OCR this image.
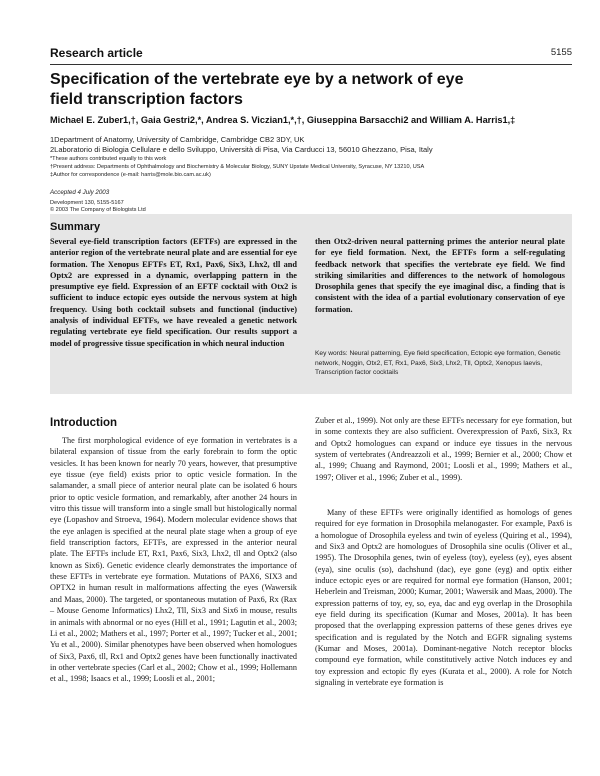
Research article	5155
Specification of the vertebrate eye by a network of eye field transcription factors
Michael E. Zuber1,†, Gaia Gestri2,*, Andrea S. Viczian1,*,†, Giuseppina Barsacchi2 and William A. Harris1,‡
1Department of Anatomy, University of Cambridge, Cambridge CB2 3DY, UK
2Laboratorio di Biologia Cellulare e dello Sviluppo, Università di Pisa, Via Carducci 13, 56010 Ghezzano, Pisa, Italy
*These authors contributed equally to this work
†Present address: Departments of Ophthalmology and Biochemistry & Molecular Biology, SUNY Upstate Medical University, Syracuse, NY 13210, USA
‡Author for correspondence (e-mail: harris@mole.bio.cam.ac.uk)
Accepted 4 July 2003
Development 130, 5155-5167
© 2003 The Company of Biologists Ltd
Summary

Several eye-field transcription factors (EFTFs) are expressed in the anterior region of the vertebrate neural plate and are essential for eye formation. The Xenopus EFTFs ET, Rx1, Pax6, Six3, Lhx2, tll and Optx2 are expressed in a dynamic, overlapping pattern in the presumptive eye field. Expression of an EFTF cocktail with Otx2 is sufficient to induce ectopic eyes outside the nervous system at high frequency. Using both cocktail subsets and functional (inductive) analysis of individual EFTFs, we have revealed a genetic network regulating vertebrate eye field specification. Our results support a model of progressive tissue specification in which neural induction

then Otx2-driven neural patterning primes the anterior neural plate for eye field formation. Next, the EFTFs form a self-regulating feedback network that specifies the vertebrate eye field. We find striking similarities and differences to the network of homologous Drosophila genes that specify the eye imaginal disc, a finding that is consistent with the idea of a partial evolutionary conservation of eye formation.

Key words: Neural patterning, Eye field specification, Ectopic eye formation, Genetic network, Noggin, Otx2, ET, Rx1, Pax6, Six3, Lhx2, Tll, Optx2, Xenopus laevis, Transcription factor cocktails

Introduction

The first morphological evidence of eye formation in vertebrates is a bilateral expansion of tissue from the early forebrain to form the optic vesicles. It has been known for nearly 70 years, however, that presumptive eye tissue (eye field) exists prior to optic vesicle formation. In the salamander, a small piece of anterior neural plate can be isolated 6 hours prior to optic vesicle formation, and remarkably, after another 24 hours in vitro this tissue will transform into a single small but histologically normal eye (Lopashov and Stroeva, 1964). Modern molecular evidence shows that the eye anlagen is specified at the neural plate stage when a group of eye field transcription factors, EFTFs, are expressed in the anterior neural plate. The EFTFs include ET, Rx1, Pax6, Six3, Lhx2, tll and Optx2 (also known as Six6). Genetic evidence clearly demonstrates the importance of these EFTFs in vertebrate eye formation. Mutations of PAX6, SIX3 and OPTX2 in human result in malformations affecting the eyes (Wawersik and Maas, 2000). The targeted, or spontaneous mutation of Pax6, Rx (Rax – Mouse Genome Informatics) Lhx2, Tll, Six3 and Six6 in mouse, results in animals with abnormal or no eyes (Hill et al., 1991; Lagutin et al., 2003; Li et al., 2002; Mathers et al., 1997; Porter et al., 1997; Tucker et al., 2001; Yu et al., 2000). Similar phenotypes have been observed when homologues of Six3, Pax6, tll, Rx1 and Optx2 genes have been functionally inactivated in other vertebrate species (Carl et al., 2002; Chow et al., 1999; Hollemann et al., 1998; Isaacs et al., 1999; Loosli et al., 2001;

Zuber et al., 1999). Not only are these EFTFs necessary for eye formation, but in some contexts they are also sufficient. Overexpression of Pax6, Six3, Rx and Optx2 homologues can expand or induce eye tissues in the nervous system of vertebrates (Andreazzoli et al., 1999; Bernier et al., 2000; Chow et al., 1999; Chuang and Raymond, 2001; Loosli et al., 1999; Mathers et al., 1997; Oliver et al., 1996; Zuber et al., 1999).

Many of these EFTFs were originally identified as homologs of genes required for eye formation in Drosophila melanogaster. For example, Pax6 is a homologue of Drosophila eyeless and twin of eyeless (Quiring et al., 1994), and Six3 and Optx2 are homologues of Drosophila sine oculis (Oliver et al., 1995). The Drosophila genes, twin of eyeless (toy), eyeless (ey), eyes absent (eya), sine oculis (so), dachshund (dac), eye gone (eyg) and optix either induce ectopic eyes or are required for normal eye formation (Hanson, 2001; Heberlein and Treisman, 2000; Kumar, 2001; Wawersik and Maas, 2000). The expression patterns of toy, ey, so, eya, dac and eyg overlap in the Drosophila eye field during its specification (Kumar and Moses, 2001a). It has been proposed that the overlapping expression patterns of these genes drives eye specification and is regulated by the Notch and EGFR signaling systems (Kumar and Moses, 2001a). Dominant-negative Notch receptor blocks compound eye formation, while constitutively active Notch induces ey and toy expression and ectopic fly eyes (Kurata et al., 2000). A role for Notch signaling in vertebrate eye formation is
